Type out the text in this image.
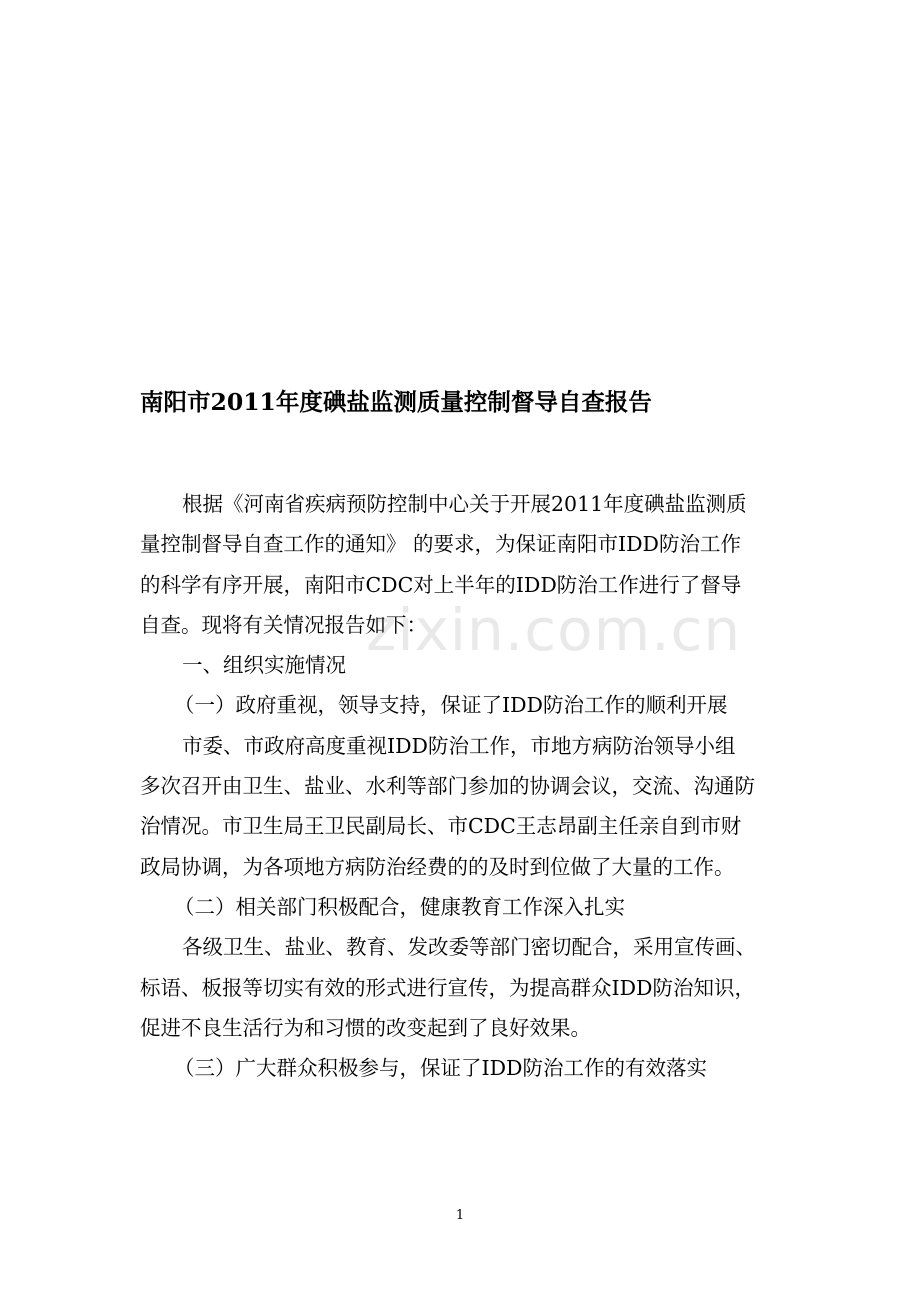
南阳市2011年度碘盐监测质量控制督导自查报告

根据《河南省疾病预防控制中心关于开展2011年度碘盐监测质

量控制督导自查工作的通知》 的要求，为保证南阳市IDD防治工作

的科学有序开展，南阳市CDC对上半年的IDD防治工作进行了督导

自查。现将有关情况报告如下：

一、组织实施情况

（一）政府重视，领导支持，保证了IDD防治工作的顺利开展

市委、市政府高度重视IDD防治工作，市地方病防治领导小组

多次召开由卫生、盐业、水利等部门参加的协调会议，交流、沟通防

治情况。市卫生局王卫民副局长、市CDC王志昂副主任亲自到市财

政局协调，为各项地方病防治经费的的及时到位做了大量的工作。

（二）相关部门积极配合，健康教育工作深入扎实

各级卫生、盐业、教育、发改委等部门密切配合，采用宣传画、

标语、板报等切实有效的形式进行宣传，为提高群众IDD防治知识，

促进不良生活行为和习惯的改变起到了良好效果。

（三）广大群众积极参与，保证了IDD防治工作的有效落实

zixin.com.cn
1
